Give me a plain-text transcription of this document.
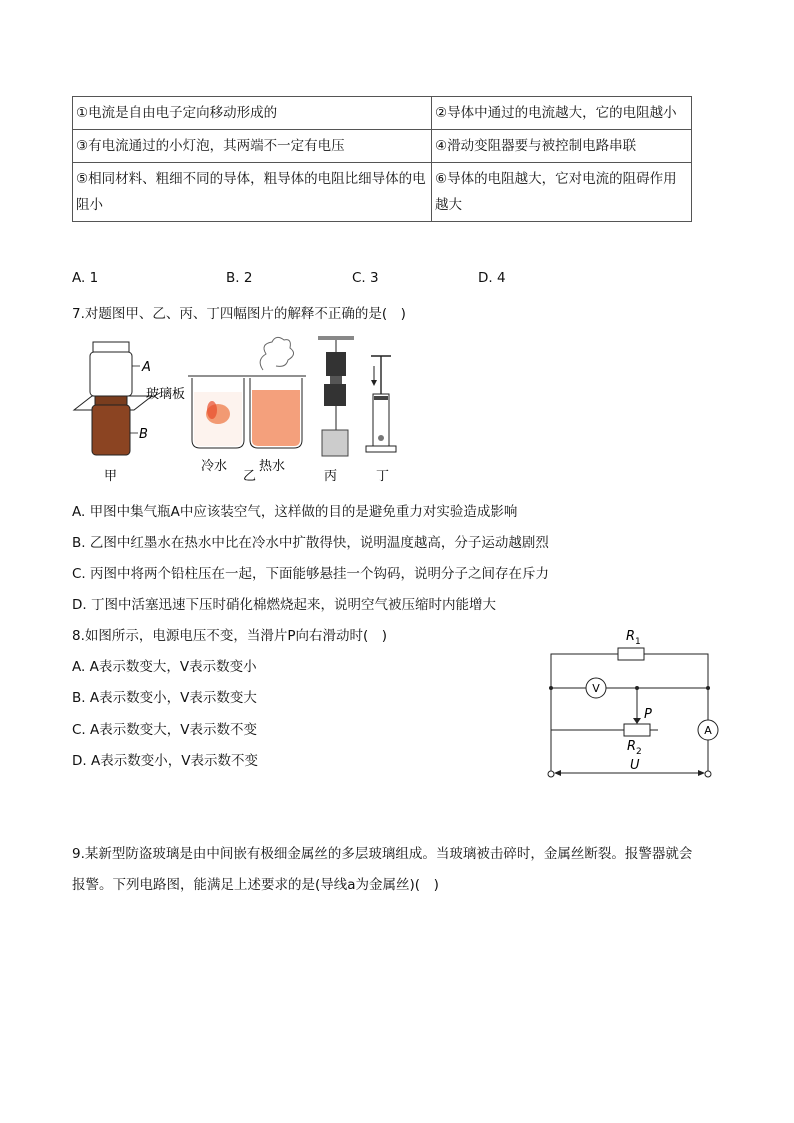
①电流是自由电子定向移动形成的	②导体中通过的电流越大，它的电阻越小
③有电流通过的小灯泡，其两端不一定有电压	④滑动变阻器要与被控制电路串联
⑤相同材料、粗细不同的导体，粗导体的电阻比细导体的电阻小	⑥导体的电阻越大，它对电流的阻碍作用越大
A. 1	B. 2	C. 3	D. 4
7.对题图甲、乙、丙、丁四幅图片的解释不正确的是(　)
A
玻璃板
B
甲
冷水 热水
乙	丙	丁
A. 甲图中集气瓶A中应该装空气，这样做的目的是避免重力对实验造成影响
B. 乙图中红墨水在热水中比在冷水中扩散得快，说明温度越高，分子运动越剧烈
C. 丙图中将两个铅柱压在一起，下面能够悬挂一个钩码，说明分子之间存在斥力
D. 丁图中活塞迅速下压时硝化棉燃烧起来，说明空气被压缩时内能增大
8.如图所示，电源电压不变，当滑片P向右滑动时(　)
A. A表示数变大，V表示数变小
B. A表示数变小，V表示数变大
C. A表示数变大，V表示数不变
D. A表示数变小，V表示数不变
$R_1$
P
$R_2$
V
A
U
9.某新型防盗玻璃是由中间嵌有极细金属丝的多层玻璃组成。当玻璃被击碎时，金属丝断裂。报警器就会
报警。下列电路图，能满足上述要求的是(导线a为金属丝)(　)
